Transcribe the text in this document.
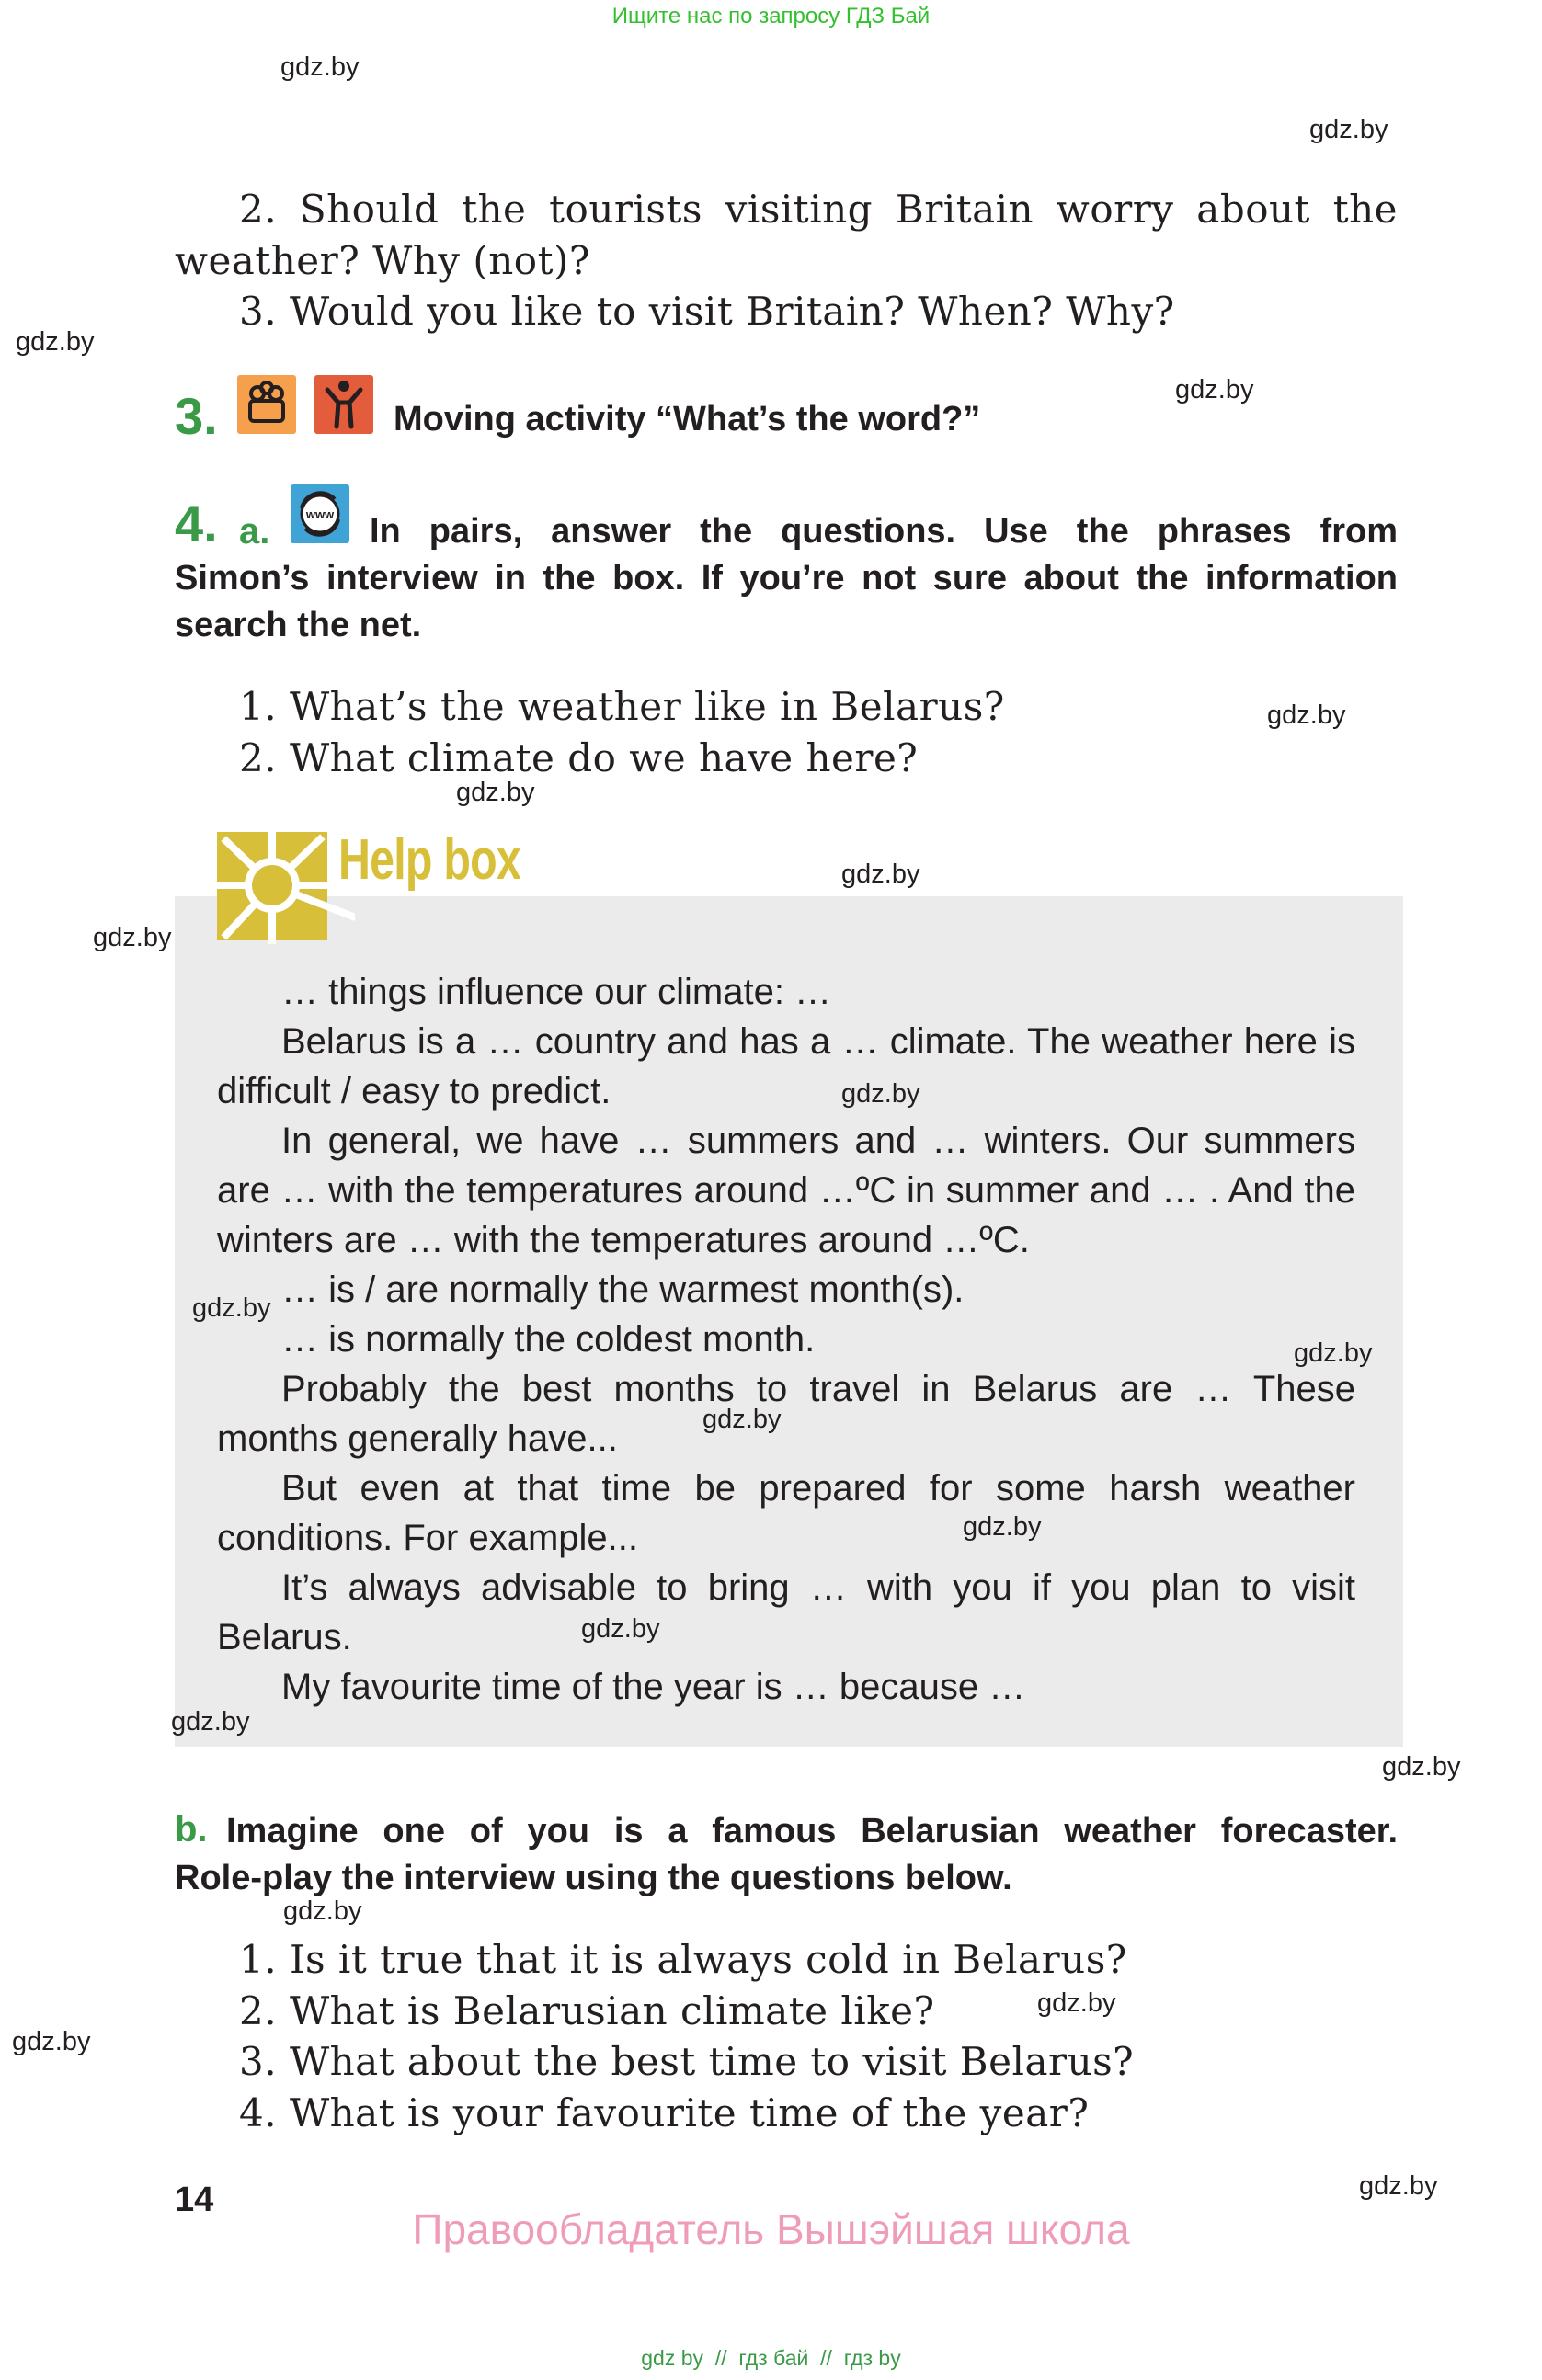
Ищите нас по запросу ГДЗ Бай
2. Should the tourists visiting Britain worry about the
weather? Why (not)?
3. Would you like to visit Britain? When? Why?
3.	Moving activity “What’s the word?”
4. a.	www In pairs, answer the questions. Use the phrases from
Simon’s interview in the box. If you’re not sure about the information
search the net.
1. What’s the weather like in Belarus?
2. What climate do we have here?
Help box

… things influence our climate: …

Belarus is a … country and has a … climate. The weather here is difficult / easy to predict.

In general, we have … summers and … winters. Our summers are … with the temperatures around …ºC in summer and … . And the winters are … with the temperatures around …ºC.

… is / are normally the warmest month(s).

… is normally the coldest month.

Probably the best months to travel in Belarus are … These months generally have...

But even at that time be prepared for some harsh weather conditions. For example...

It’s always advisable to bring … with you if you plan to visit Belarus.

My favourite time of the year is … because …

b. Imagine one of you is a famous Belarusian weather forecaster.
Role-play the interview using the questions below.
1. Is it true that it is always cold in Belarus?
2. What is Belarusian climate like?
3. What about the best time to visit Belarus?
4. What is your favourite time of the year?
14
Правообладатель Вышэйшая школа
gdz by  //  гдз бай  //  гдз by
gdz.by
gdz.by
gdz.by
gdz.by
gdz.by
gdz.by
gdz.by
gdz.by
gdz.by
gdz.by
gdz.by
gdz.by
gdz.by
gdz.by
gdz.by
gdz.by
gdz.by
gdz.by
gdz.by
gdz.by
